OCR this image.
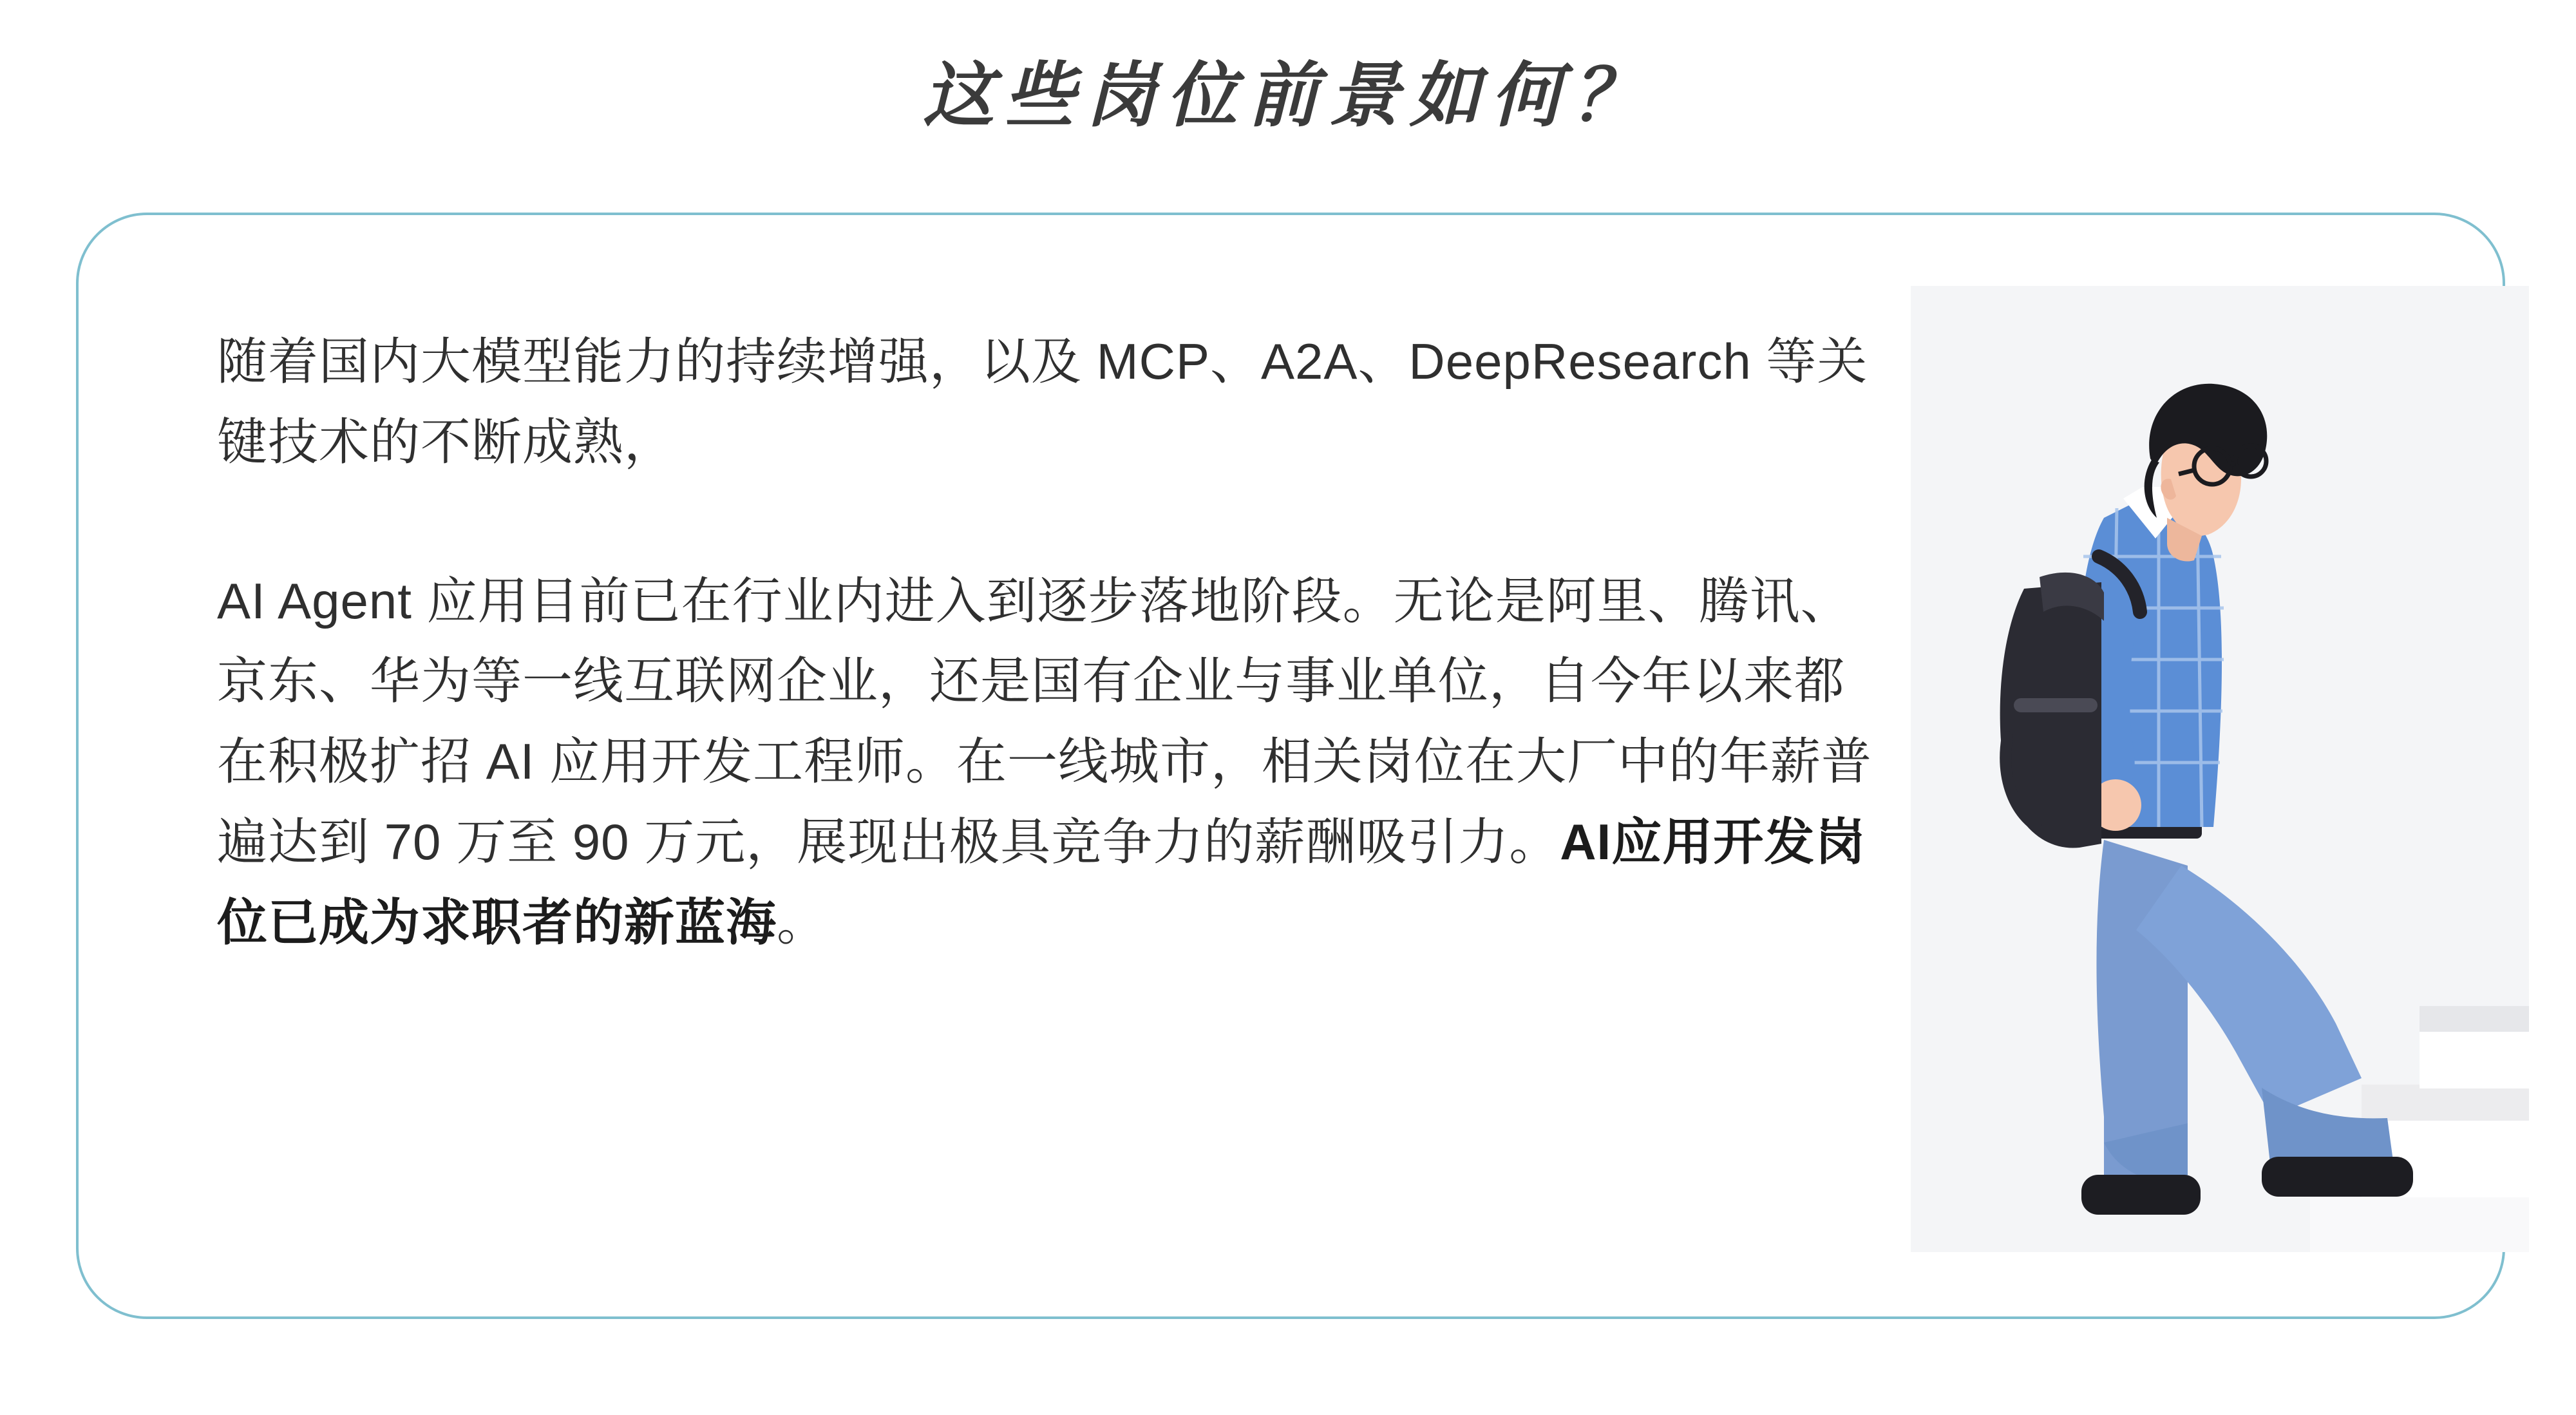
这些岗位前景如何？

随着国内大模型能力的持续增强，以及 MCP、A2A、DeepResearch 等关键技术的不断成熟，

AI Agent 应用目前已在行业内进入到逐步落地阶段。无论是阿里、腾讯、京东、华为等一线互联网企业，还是国有企业与事业单位，自今年以来都在积极扩招 AI 应用开发工程师。在一线城市，相关岗位在大厂中的年薪普遍达到 70 万至 90 万元，展现出极具竞争力的薪酬吸引力。AI应用开发岗位已成为求职者的新蓝海。
